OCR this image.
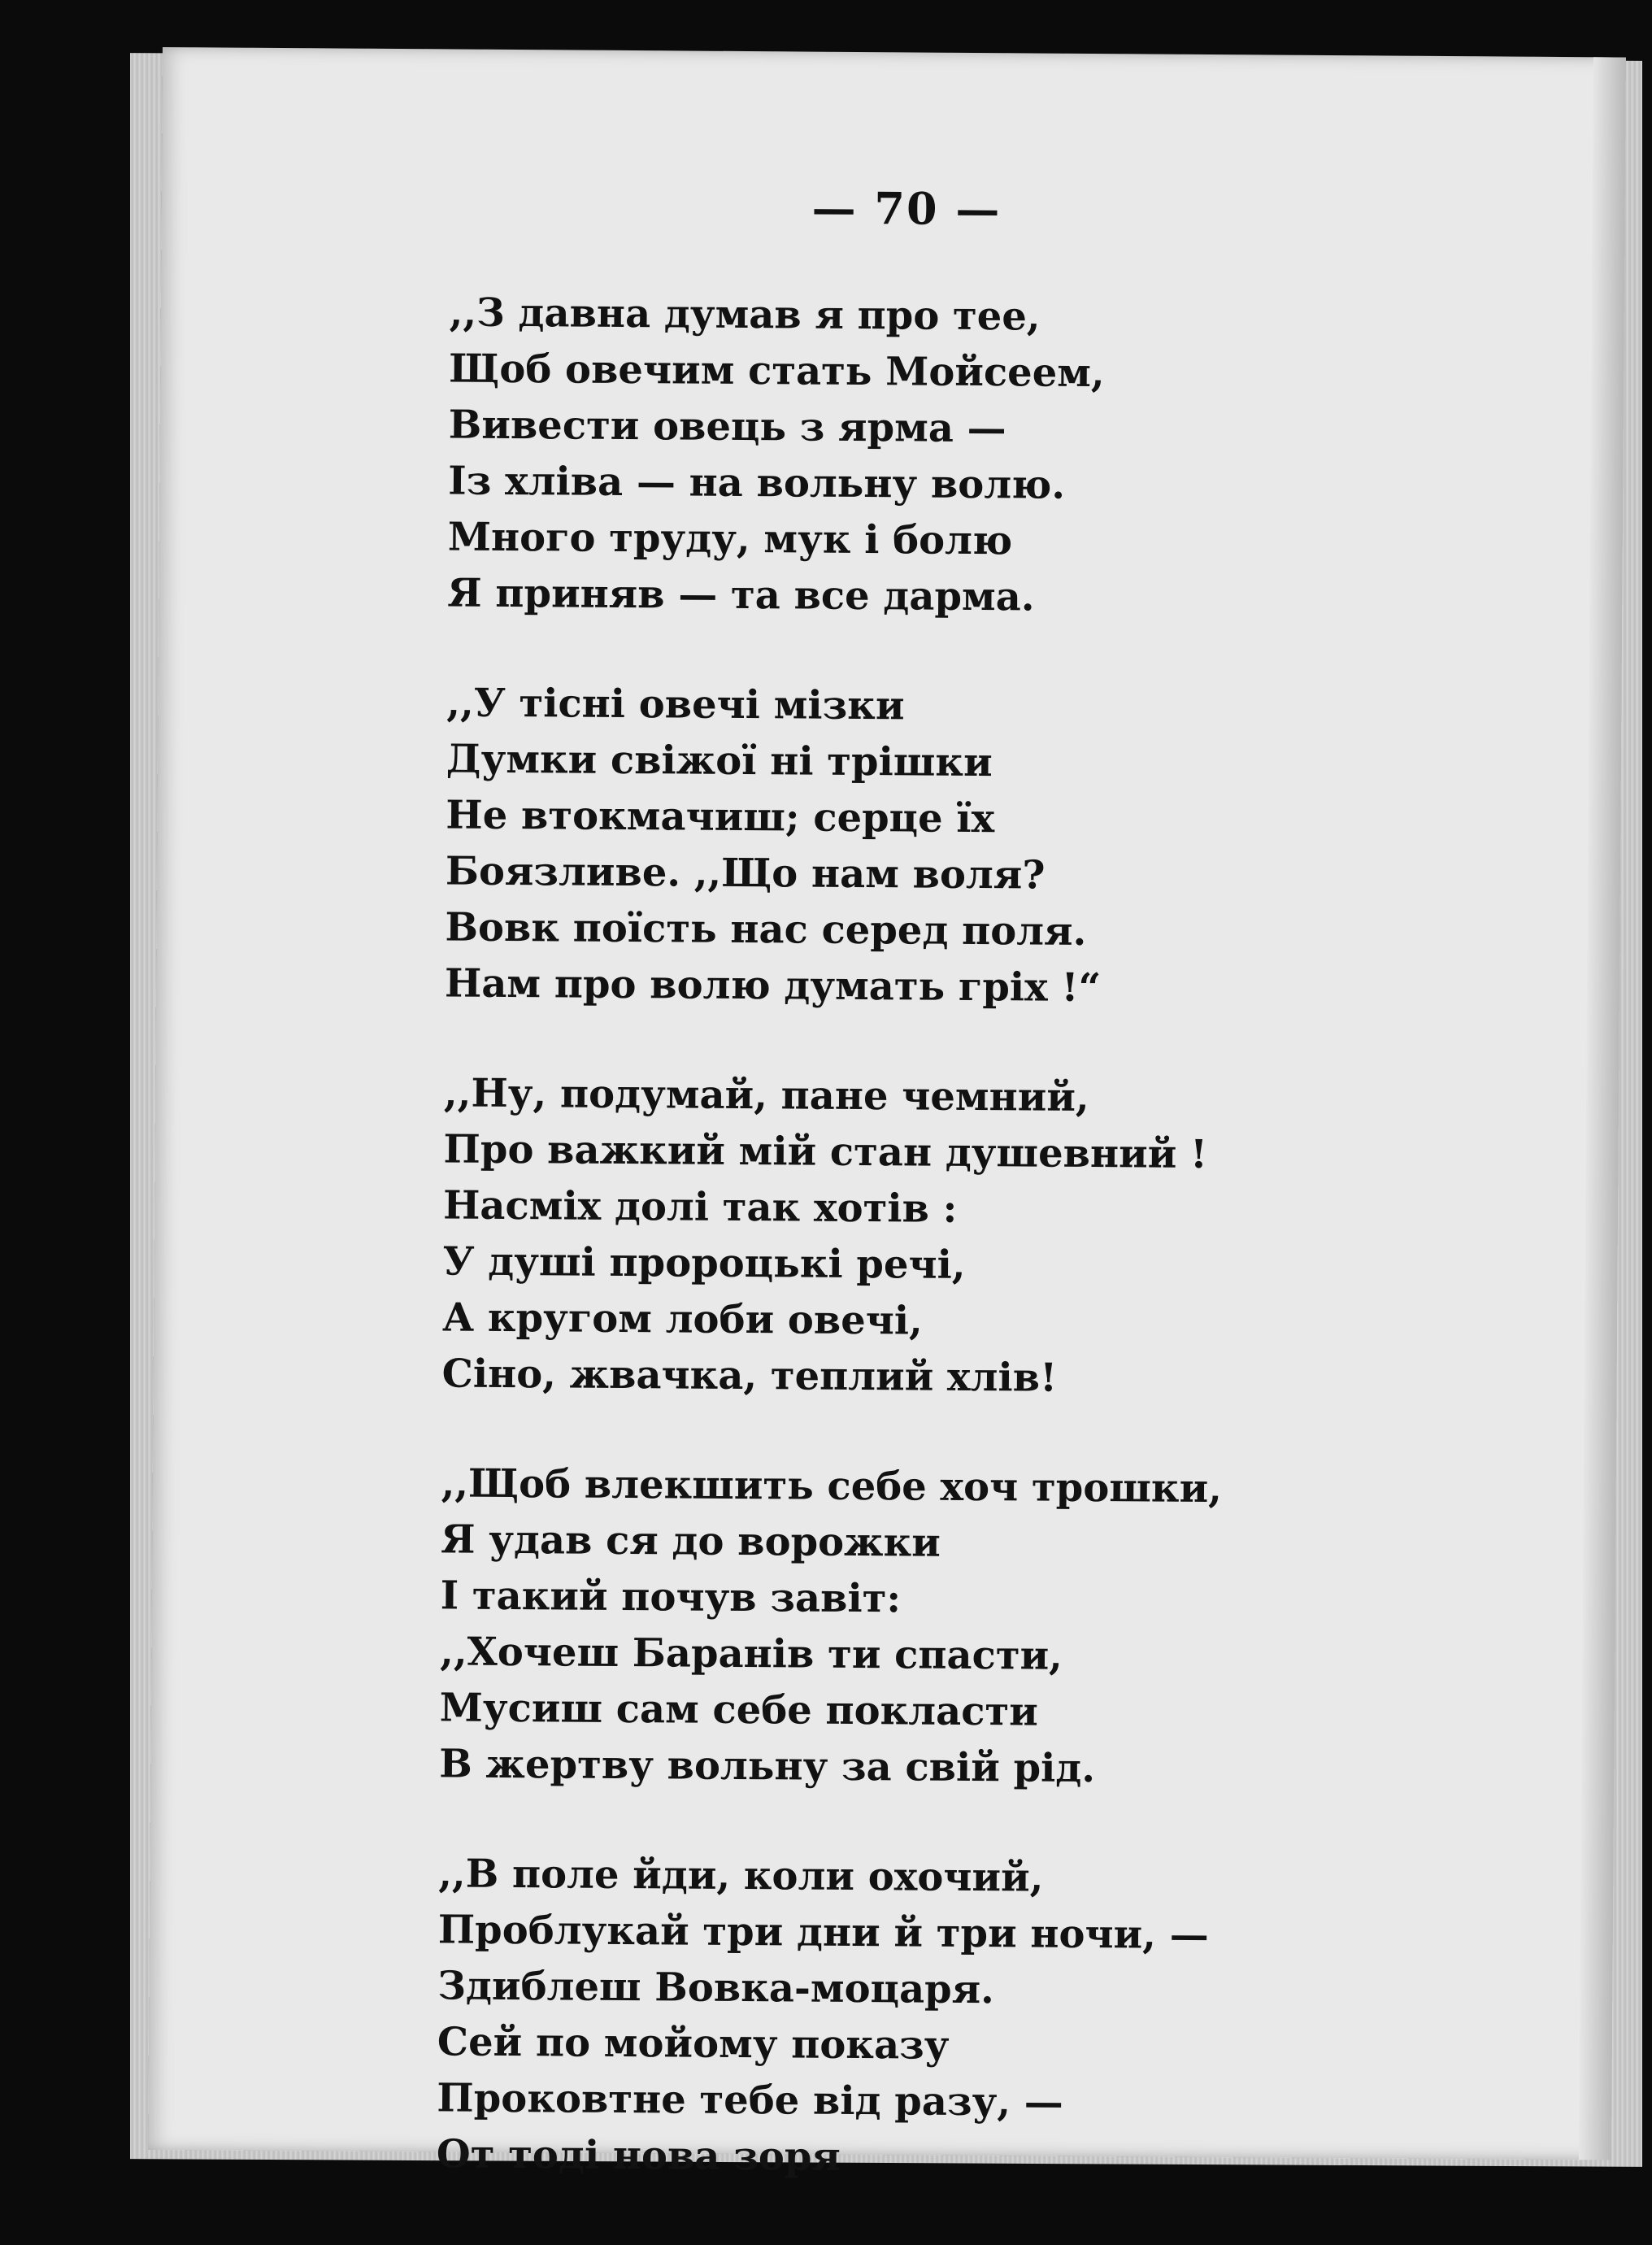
— 70 —
,,З давна думав я про тее,
Щоб овечим стать Мойсеем,
Вивести овець з ярма —
Із хліва — на вольну волю.
Много труду, мук і болю
Я приняв — та все дарма.
,,У тісні овечі мізки
Думки свіжої ні трішки
Не втокмачиш; серце їх
Боязливе. ,,Що нам воля?
Вовк поїсть нас серед поля.
Нам про волю думать гріх !“
,,Ну, подумай, пане чемний,
Про важкий мій стан душевний !
Насміх долі так хотів :
У душі пророцькі речі,
А кругом лоби овечі,
Сіно, жвачка, теплий хлів!
,,Щоб влекшить себе хоч трошки,
Я удав ся до ворожки
І такий почув завіт:
,,Хочеш Баранів ти спасти,
Мусиш сам себе покласти
В жертву вольну за свій рід.
,,В поле йди, коли охочий,
Проблукай три дни й три ночи, —
Здиблеш Вовка-моцаря.
Сей по мойому показу
Проковтне тебе від разу, —
От тоді нова зоря
